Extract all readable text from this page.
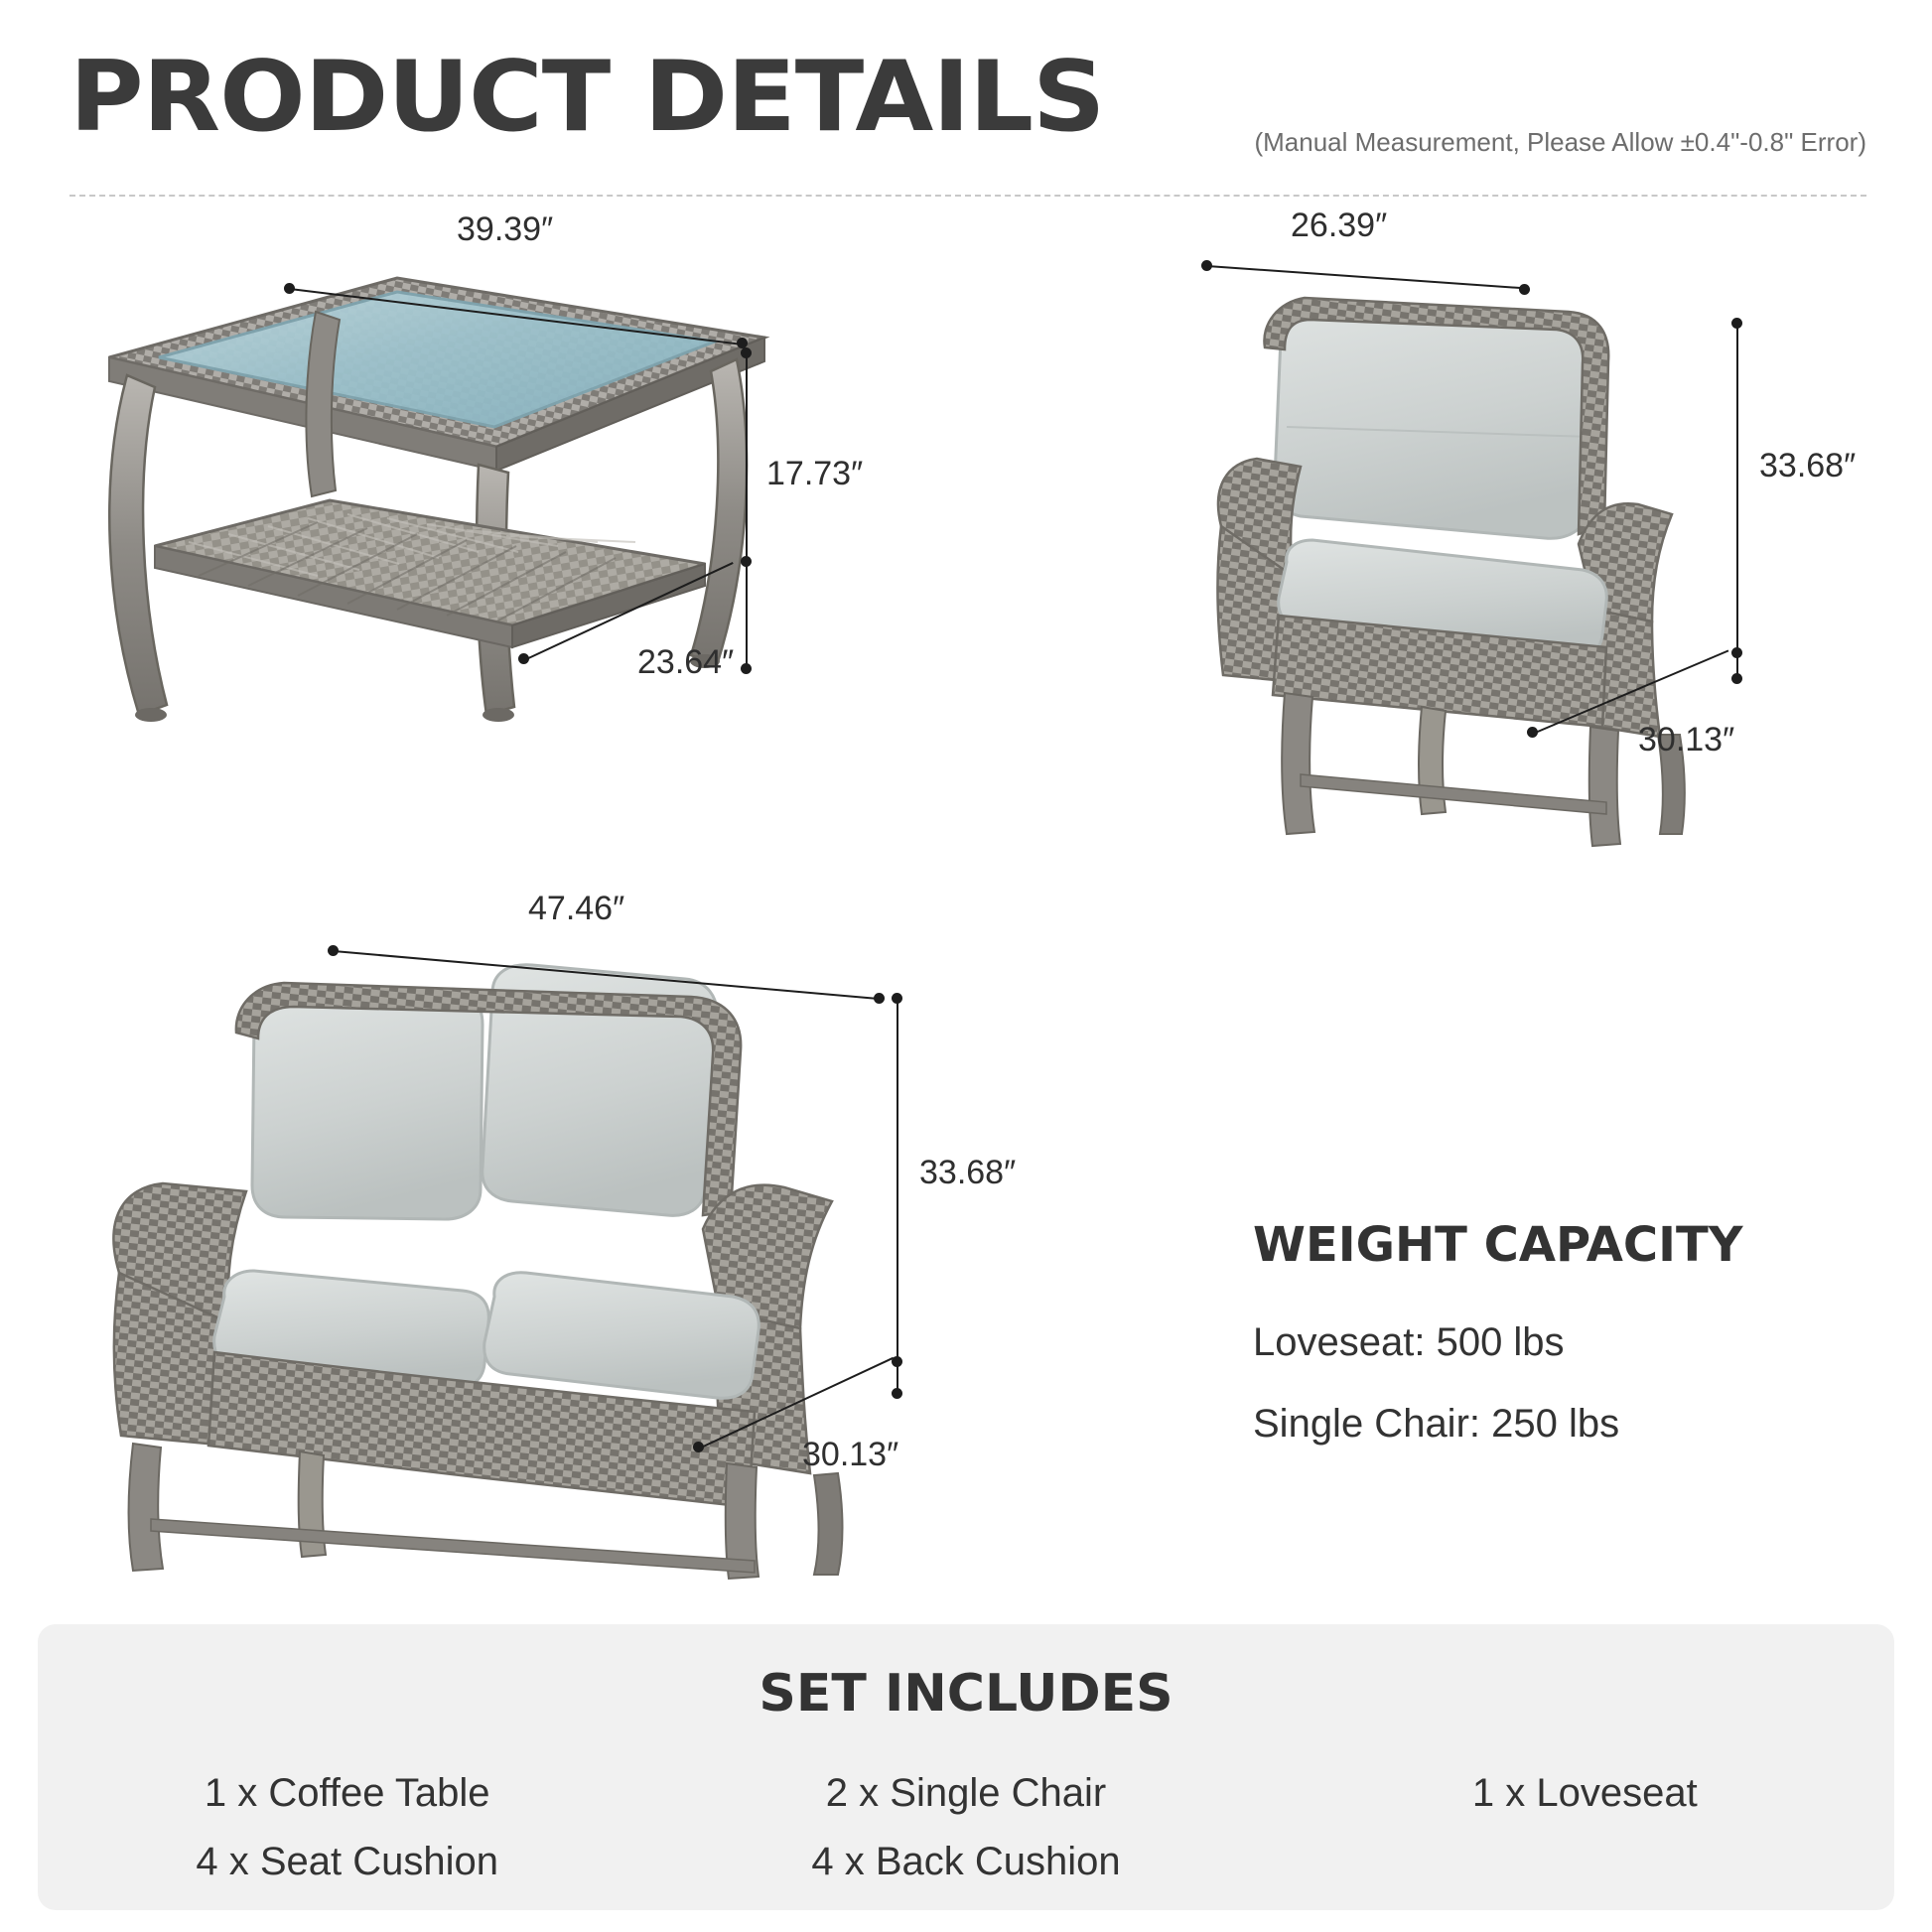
PRODUCT DETAILS	(Manual Measurement, Please Allow ±0.4"-0.8" Error)
39.39″
17.73″
23.64″
26.39″
33.68″
30.13″
47.46″
33.68″
30.13″
WEIGHT CAPACITY
Loveseat: 500 lbs
Single Chair: 250 lbs
SET INCLUDES
1 x Coffee Table	2 x Single Chair	1 x Loveseat
4 x Seat Cushion	4 x Back Cushion
